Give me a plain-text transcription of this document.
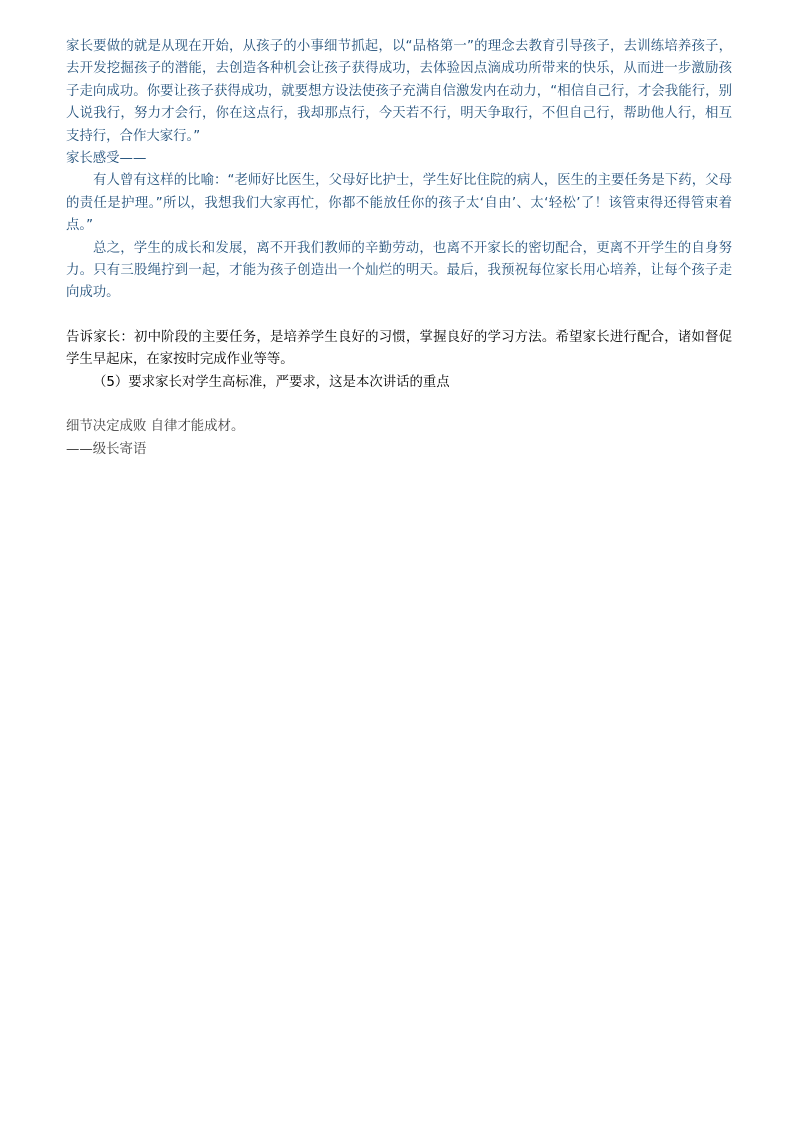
家长要做的就是从现在开始，从孩子的小事细节抓起，以“品格第一”的理念去教育引导孩子，去训练培养孩子，去开发挖掘孩子的潜能，去创造各种机会让孩子获得成功，去体验因点滴成功所带来的快乐，从而进一步激励孩子走向成功。你要让孩子获得成功，就要想方设法使孩子充满自信激发内在动力，“相信自己行，才会我能行，别人说我行，努力才会行，你在这点行，我却那点行，今天若不行，明天争取行，不但自己行，帮助他人行，相互支持行，合作大家行。”

家长感受——

有人曾有这样的比喻：“老师好比医生，父母好比护士，学生好比住院的病人，医生的主要任务是下药，父母的责任是护理。”所以，我想我们大家再忙，你都不能放任你的孩子太‘自由’、太‘轻松’了！该管束得还得管束着点。”

总之，学生的成长和发展，离不开我们教师的辛勤劳动，也离不开家长的密切配合，更离不开学生的自身努力。只有三股绳拧到一起，才能为孩子创造出一个灿烂的明天。最后，我预祝每位家长用心培养，让每个孩子走向成功。

告诉家长：初中阶段的主要任务，是培养学生良好的习惯，掌握良好的学习方法。希望家长进行配合，诸如督促学生早起床，在家按时完成作业等等。

（5）要求家长对学生高标准，严要求，这是本次讲话的重点

细节决定成败 自律才能成材。

——级长寄语
